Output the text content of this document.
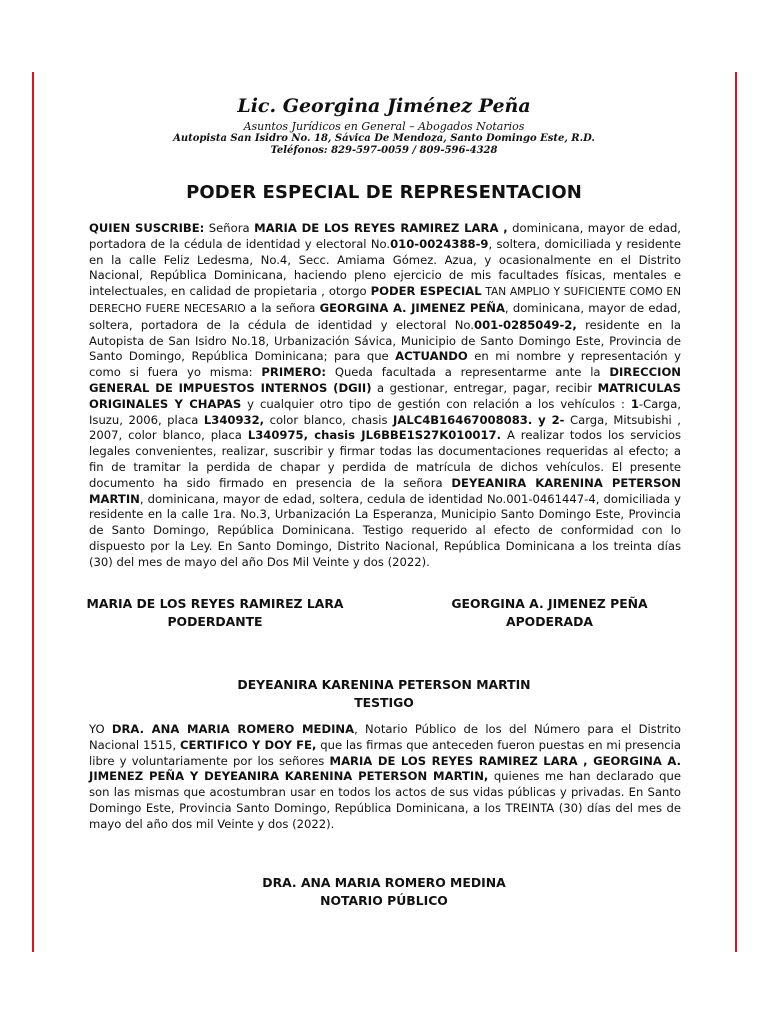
Lic. Georgina Jiménez Peña
Asuntos Jurídicos en General – Abogados Notarios
Autopista San Isidro No. 18, Sávica De Mendoza, Santo Domingo Este, R.D.
Teléfonos: 829-597-0059 / 809-596-4328
PODER ESPECIAL DE REPRESENTACION
QUIEN SUSCRIBE: Señora MARIA DE LOS REYES RAMIREZ LARA , dominicana, mayor de edad, portadora de la cédula de identidad y electoral No.010-0024388-9, soltera, domiciliada y residente en la calle Feliz Ledesma, No.4, Secc. Amiama Gómez. Azua, y ocasionalmente en el Distrito Nacional, República Dominicana, haciendo pleno ejercicio de mis facultades físicas, mentales e intelectuales, en calidad de propietaria , otorgo PODER ESPECIAL TAN AMPLIO Y SUFICIENTE COMO EN DERECHO FUERE NECESARIO a la señora GEORGINA A. JIMENEZ PEÑA, dominicana, mayor de edad, soltera, portadora de la cédula de identidad y electoral No.001-0285049-2, residente en la Autopista de San Isidro No.18, Urbanización Sávica, Municipio de Santo Domingo Este, Provincia de Santo Domingo, República Dominicana; para que ACTUANDO en mi nombre y representación y como si fuera yo misma: PRIMERO: Queda facultada a representarme ante la DIRECCION GENERAL DE IMPUESTOS INTERNOS (DGII) a gestionar, entregar, pagar, recibir MATRICULAS ORIGINALES Y CHAPAS y cualquier otro tipo de gestión con relación a los vehículos : 1-Carga, Isuzu, 2006, placa L340932, color blanco, chasis JALC4B16467008083. y 2- Carga, Mitsubishi , 2007, color blanco, placa L340975, chasis JL6BBE1S27K010017. A realizar todos los servicios legales convenientes, realizar, suscribir y firmar todas las documentaciones requeridas al efecto; a fin de tramitar la perdida de chapar y perdida de matrícula de dichos vehículos. El presente documento ha sido firmado en presencia de la señora DEYEANIRA KARENINA PETERSON MARTIN, dominicana, mayor de edad, soltera, cedula de identidad No.001-0461447-4, domiciliada y residente en la calle 1ra. No.3, Urbanización La Esperanza, Municipio Santo Domingo Este, Provincia de Santo Domingo, República Dominicana. Testigo requerido al efecto de conformidad con lo dispuesto por la Ley. En Santo Domingo, Distrito Nacional, República Dominicana a los treinta días (30) del mes de mayo del año Dos Mil Veinte y dos (2022).
MARIA DE LOS REYES RAMIREZ LARA
PODERDANTE
GEORGINA A. JIMENEZ PEÑA
APODERADA
DEYEANIRA KARENINA PETERSON MARTIN
TESTIGO
YO DRA. ANA MARIA ROMERO MEDINA, Notario Público de los del Número para el Distrito Nacional 1515, CERTIFICO Y DOY FE, que las firmas que anteceden fueron puestas en mi presencia libre y voluntariamente por los señores MARIA DE LOS REYES RAMIREZ LARA , GEORGINA A. JIMENEZ PEÑA Y DEYEANIRA KARENINA PETERSON MARTIN, quienes me han declarado que son las mismas que acostumbran usar en todos los actos de sus vidas públicas y privadas. En Santo Domingo Este, Provincia Santo Domingo, República Dominicana, a los TREINTA (30) días del mes de mayo del año dos mil Veinte y dos (2022).
DRA. ANA MARIA ROMERO MEDINA
NOTARIO PÚBLICO
